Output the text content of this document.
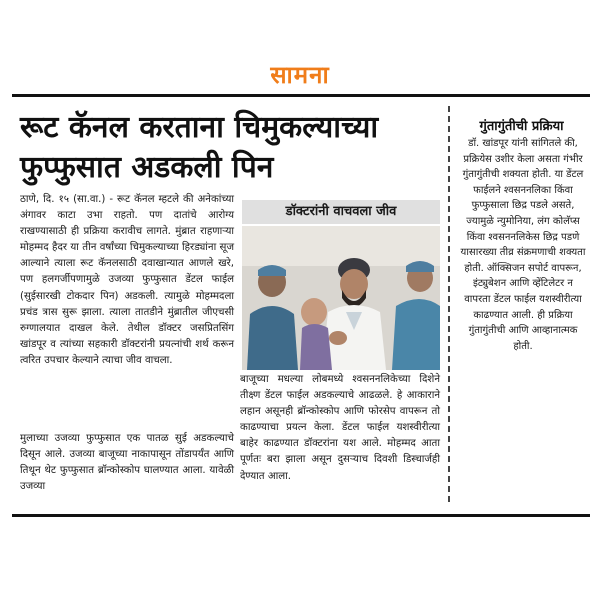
सामना
रूट कॅनल करताना चिमुकल्याच्या फुप्फुसात अडकली पिन
ठाणे, दि. १५ (सा.वा.) - रूट कॅनल म्हटले की अनेकांच्या अंगावर काटा उभा राहतो. पण दातांचे आरोग्य राखण्यासाठी ही प्रक्रिया करावीच लागते. मुंब्रात राहणाऱ्या मोहम्मद हैदर या तीन वर्षांच्या चिमुकल्याच्या हिरड्यांना सूज आल्याने त्याला रूट कॅनलसाठी दवाखान्यात आणले खरे, पण हलगर्जीपणामुळे उजव्या फुप्फुसात डेंटल फाईल (सुईसारखी टोकदार पिन) अडकली. त्यामुळे मोहम्मदला प्रचंड त्रास सुरू झाला. त्याला तातडीने मुंब्रातील जीएचसी रुग्णालयात दाखल केले. तेथील डॉक्टर जसप्रितसिंग खांडपूर व त्यांच्या सहकारी डॉक्टरांनी प्रयत्नांची शर्थ करून त्वरित उपचार केल्याने त्याचा जीव वाचला.
मुलाच्या उजव्या फुप्फुसात एक पातळ सुई अडकल्याचे दिसून आले. उजव्या बाजूच्या नाकापासून तोंडापर्यंत आणि तिथून थेट फुप्फुसात ब्रॉन्कोस्कोप घालण्यात आला. यावेळी उजव्या
डॉक्टरांनी वाचवला जीव
बाजूच्या मधल्या लोबमध्ये श्वसननलिकेच्या दिशेने तीक्ष्ण डेंटल फाईल अडकल्याचे आढळले. हे आकाराने लहान असूनही ब्रॉन्कोस्कोप आणि फोरसेप वापरून तो काढण्याचा प्रयत्न केला. डेंटल फाईल यशस्वीरीत्या बाहेर काढण्यात डॉक्टरांना यश आले. मोहम्मद आता पूर्णतः बरा झाला असून दुसऱ्याच दिवशी डिस्चार्जही देण्यात आला.
गुंतागुंतीची प्रक्रिया
डॉ. खांडपूर यांनी सांगितले की, प्रक्रियेस उशीर केला असता गंभीर गुंतागुंतीची शक्यता होती. या डेंटल फाईलने श्वसननलिका किंवा फुप्फुसाला छिद्र पडले असते, ज्यामुळे न्युमोनिया, लंग कोलॅप्स किंवा श्वसननलिकेस छिद्र पडणे यासारख्या तीव्र संक्रमणाची शक्यता होती. ऑक्सिजन सपोर्ट वापरून, इंट्युबेशन आणि व्हेंटिलेटर न वापरता डेंटल फाईल यशस्वीरीत्या काढण्यात आली. ही प्रक्रिया गुंतागुंतीची आणि आव्हानात्मक होती.
